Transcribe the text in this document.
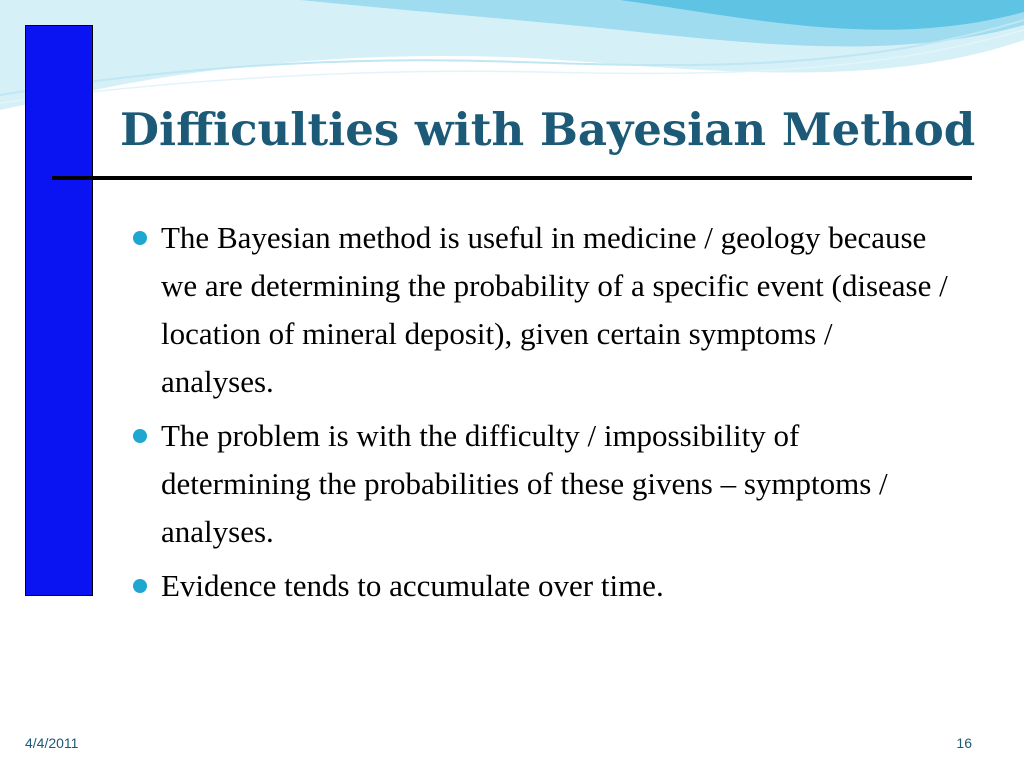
Difficulties with Bayesian Method
The Bayesian method is useful in medicine / geology because we are determining the probability of a specific event (disease / location of mineral deposit), given certain symptoms / analyses.
The problem is with the difficulty / impossibility of determining the probabilities of these givens – symptoms / analyses.
Evidence tends to accumulate over time.
4/4/2011	16
